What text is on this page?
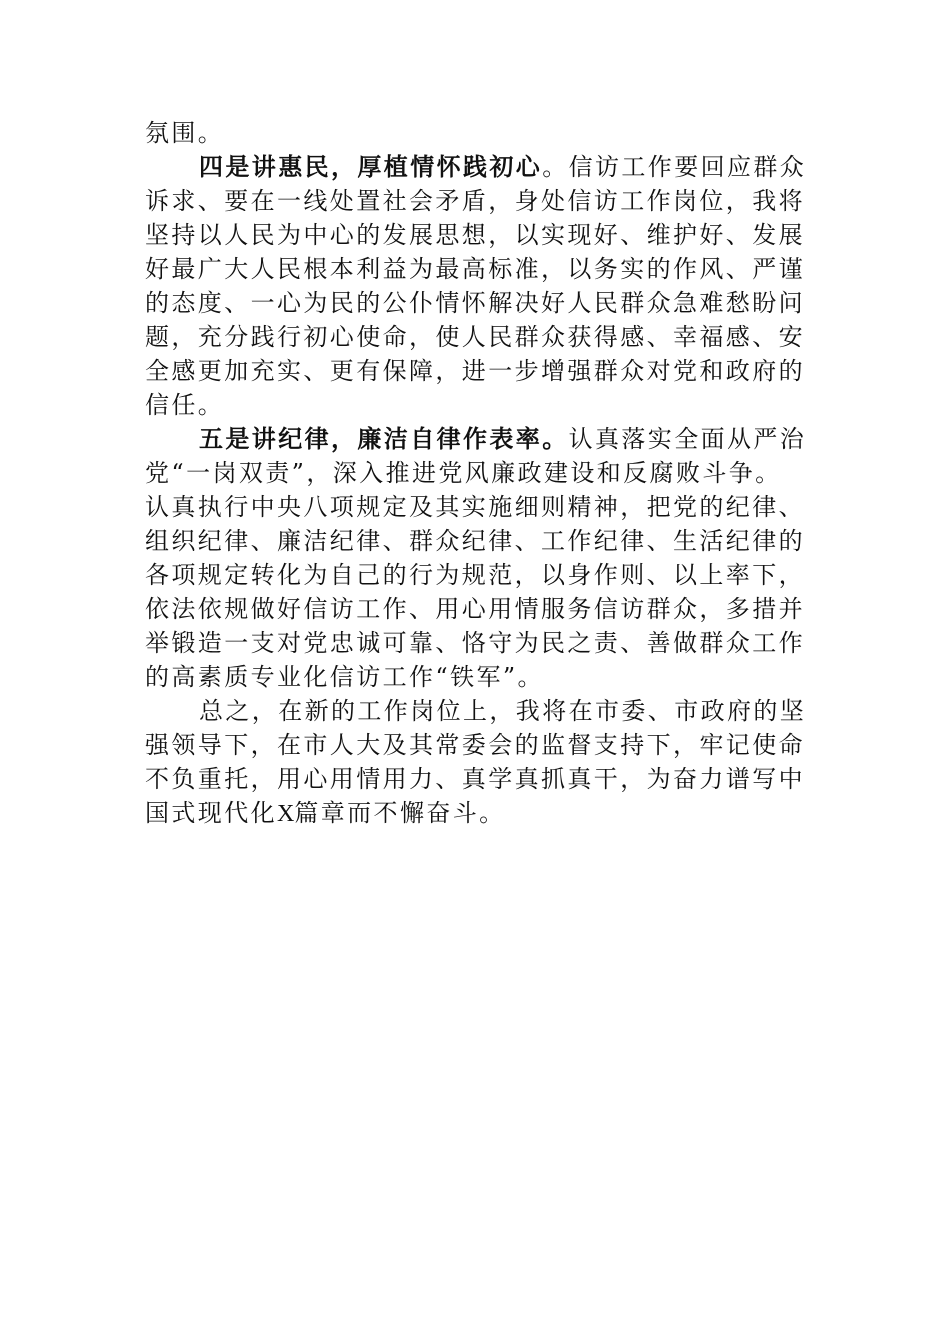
氛围。
四是讲惠民，厚植情怀践初心。信访工作要回应群众
诉求、要在一线处置社会矛盾，身处信访工作岗位，我将
坚持以人民为中心的发展思想，以实现好、维护好、发展
好最广大人民根本利益为最高标准，以务实的作风、严谨
的态度、一心为民的公仆情怀解决好人民群众急难愁盼问
题，充分践行初心使命，使人民群众获得感、幸福感、安
全感更加充实、更有保障，进一步增强群众对党和政府的
信任。
五是讲纪律，廉洁自律作表率。认真落实全面从严治
党“一岗双责”，深入推进党风廉政建设和反腐败斗争。
认真执行中央八项规定及其实施细则精神，把党的纪律、
组织纪律、廉洁纪律、群众纪律、工作纪律、生活纪律的
各项规定转化为自己的行为规范，以身作则、以上率下，
依法依规做好信访工作、用心用情服务信访群众，多措并
举锻造一支对党忠诚可靠、恪守为民之责、善做群众工作
的高素质专业化信访工作“铁军”。
总之，在新的工作岗位上，我将在市委、市政府的坚
强领导下，在市人大及其常委会的监督支持下，牢记使命
不负重托，用心用情用力、真学真抓真干，为奋力谱写中
国式现代化X篇章而不懈奋斗。
